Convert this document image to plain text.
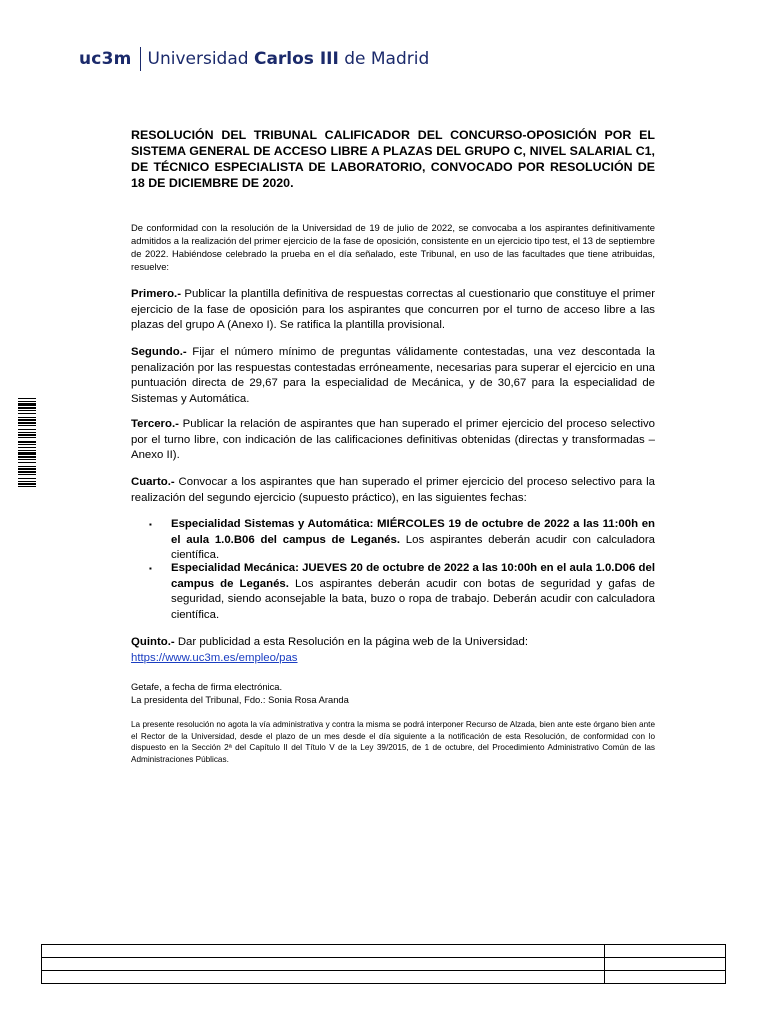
uc3m Universidad Carlos III de Madrid
RESOLUCIÓN DEL TRIBUNAL CALIFICADOR DEL CONCURSO-OPOSICIÓN POR EL SISTEMA GENERAL DE ACCESO LIBRE A PLAZAS DEL GRUPO C, NIVEL SALARIAL C1, DE TÉCNICO ESPECIALISTA DE LABORATORIO, CONVOCADO POR RESOLUCIÓN DE 18 DE DICIEMBRE DE 2020.
De conformidad con la resolución de la Universidad de 19 de julio de 2022, se convocaba a los aspirantes definitivamente admitidos a la realización del primer ejercicio de la fase de oposición, consistente en un ejercicio tipo test, el 13 de septiembre de 2022. Habiéndose celebrado la prueba en el día señalado, este Tribunal, en uso de las facultades que tiene atribuidas, resuelve:
Primero.- Publicar la plantilla definitiva de respuestas correctas al cuestionario que constituye el primer ejercicio de la fase de oposición para los aspirantes que concurren por el turno de acceso libre a las plazas del grupo A (Anexo I). Se ratifica la plantilla provisional.
Segundo.- Fijar el número mínimo de preguntas válidamente contestadas, una vez descontada la penalización por las respuestas contestadas erróneamente, necesarias para superar el ejercicio en una puntuación directa de 29,67 para la especialidad de Mecánica, y de 30,67 para la especialidad de Sistemas y Automática.
Tercero.- Publicar la relación de aspirantes que han superado el primer ejercicio del proceso selectivo por el turno libre, con indicación de las calificaciones definitivas obtenidas (directas y transformadas – Anexo II).
Cuarto.- Convocar a los aspirantes que han superado el primer ejercicio del proceso selectivo para la realización del segundo ejercicio (supuesto práctico), en las siguientes fechas:
▪ Especialidad Sistemas y Automática: MIÉRCOLES 19 de octubre de 2022 a las 11:00h en el aula 1.0.B06 del campus de Leganés. Los aspirantes deberán acudir con calculadora científica.
▪ Especialidad Mecánica: JUEVES 20 de octubre de 2022 a las 10:00h en el aula 1.0.D06 del campus de Leganés. Los aspirantes deberán acudir con botas de seguridad y gafas de seguridad, siendo aconsejable la bata, buzo o ropa de trabajo. Deberán acudir con calculadora científica.
Quinto.- Dar publicidad a esta Resolución en la página web de la Universidad:
https://www.uc3m.es/empleo/pas
Getafe, a fecha de firma electrónica.
La presidenta del Tribunal, Fdo.: Sonia Rosa Aranda
La presente resolución no agota la vía administrativa y contra la misma se podrá interponer Recurso de Alzada, bien ante este órgano bien ante el Rector de la Universidad, desde el plazo de un mes desde el día siguiente a la notificación de esta Resolución, de conformidad con lo dispuesto en la Sección 2ª del Capítulo II del Título V de la Ley 39/2015, de 1 de octubre, del Procedimiento Administrativo Común de las Administraciones Públicas.
